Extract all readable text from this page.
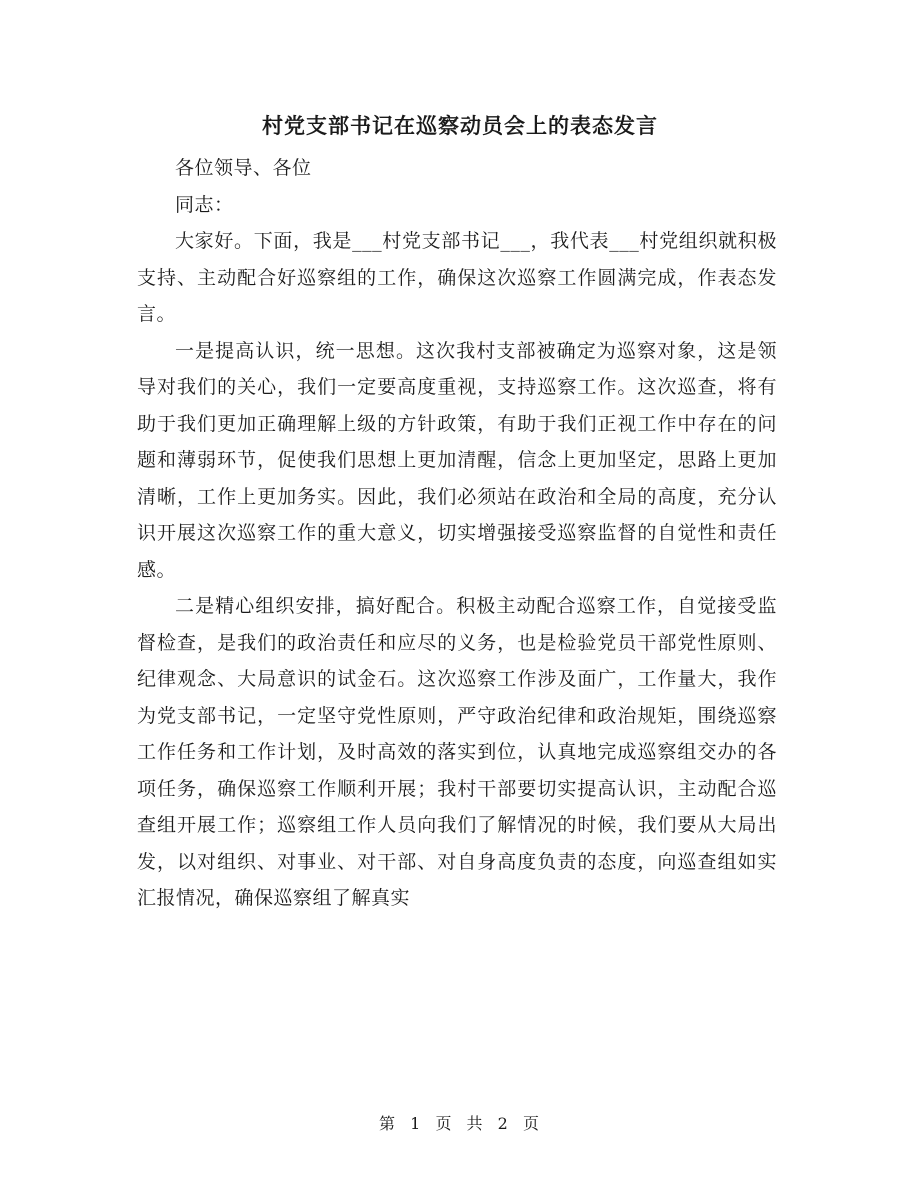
村党支部书记在巡察动员会上的表态发言

各位领导、各位

同志：

大家好。下面，我是___村党支部书记___，我代表___村党组织就积极支持、主动配合好巡察组的工作，确保这次巡察工作圆满完成，作表态发言。

一是提高认识，统一思想。这次我村支部被确定为巡察对象，这是领导对我们的关心，我们一定要高度重视，支持巡察工作。这次巡查，将有助于我们更加正确理解上级的方针政策，有助于我们正视工作中存在的问题和薄弱环节，促使我们思想上更加清醒，信念上更加坚定，思路上更加清晰，工作上更加务实。因此，我们必须站在政治和全局的高度，充分认识开展这次巡察工作的重大意义，切实增强接受巡察监督的自觉性和责任感。

二是精心组织安排，搞好配合。积极主动配合巡察工作，自觉接受监督检查，是我们的政治责任和应尽的义务，也是检验党员干部党性原则、纪律观念、大局意识的试金石。这次巡察工作涉及面广，工作量大，我作为党支部书记，一定坚守党性原则，严守政治纪律和政治规矩，围绕巡察工作任务和工作计划，及时高效的落实到位，认真地完成巡察组交办的各项任务，确保巡察工作顺利开展；我村干部要切实提高认识，主动配合巡查组开展工作；巡察组工作人员向我们了解情况的时候，我们要从大局出发，以对组织、对事业、对干部、对自身高度负责的态度，向巡查组如实汇报情况，确保巡察组了解真实

第 1 页 共 2 页
